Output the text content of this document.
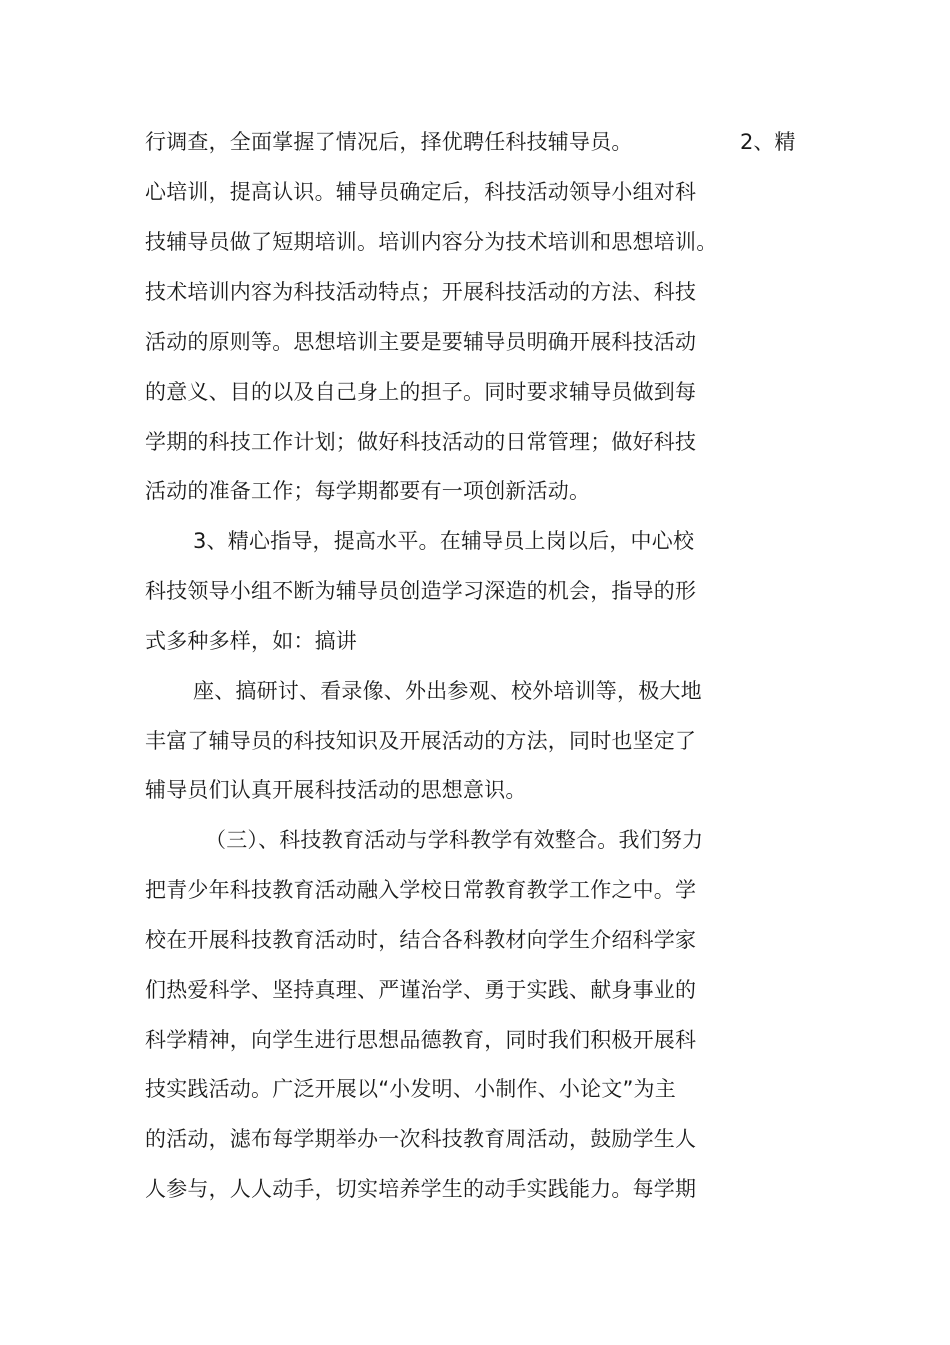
行调查，全面掌握了情况后，择优聘任科技辅导员。	2、精
心培训，提高认识。辅导员确定后，科技活动领导小组对科
技辅导员做了短期培训。培训内容分为技术培训和思想培训。
技术培训内容为科技活动特点；开展科技活动的方法、科技
活动的原则等。思想培训主要是要辅导员明确开展科技活动
的意义、目的以及自己身上的担子。同时要求辅导员做到每
学期的科技工作计划；做好科技活动的日常管理；做好科技
活动的准备工作；每学期都要有一项创新活动。
3、精心指导，提高水平。在辅导员上岗以后，中心校
科技领导小组不断为辅导员创造学习深造的机会，指导的形
式多种多样，如：搞讲
座、搞研讨、看录像、外出参观、校外培训等，极大地
丰富了辅导员的科技知识及开展活动的方法，同时也坚定了
辅导员们认真开展科技活动的思想意识。
（三）、科技教育活动与学科教学有效整合。我们努力
把青少年科技教育活动融入学校日常教育教学工作之中。学
校在开展科技教育活动时，结合各科教材向学生介绍科学家
们热爱科学、坚持真理、严谨治学、勇于实践、献身事业的
科学精神，向学生进行思想品德教育，同时我们积极开展科
技实践活动。广泛开展以“小发明、小制作、小论文”为主
的活动，滤布每学期举办一次科技教育周活动，鼓励学生人
人参与，人人动手，切实培养学生的动手实践能力。每学期
